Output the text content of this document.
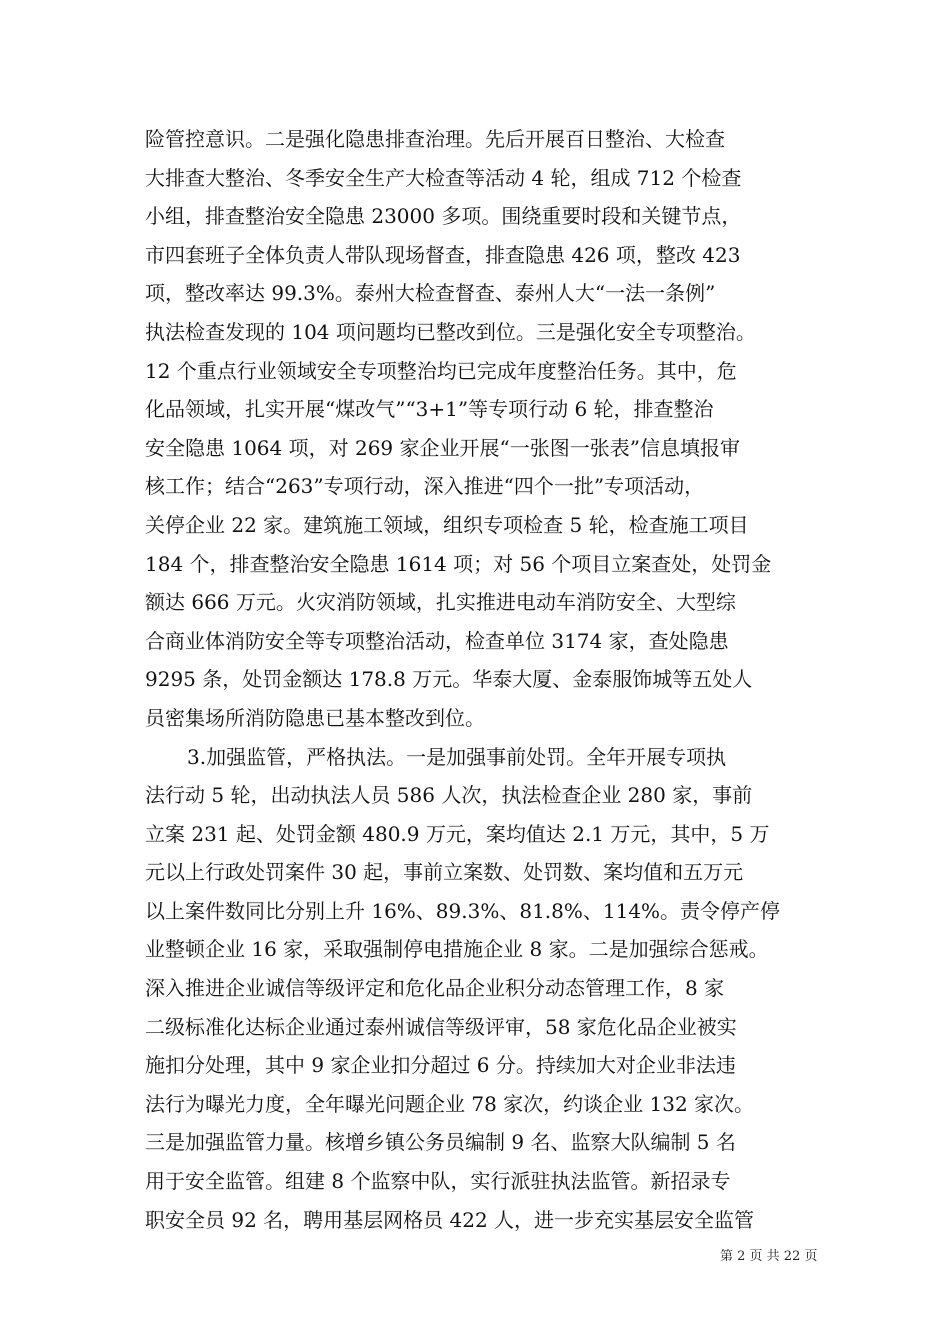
险管控意识。二是强化隐患排查治理。先后开展百日整治、大检查
大排查大整治、冬季安全生产大检查等活动 4 轮，组成 712 个检查
小组，排查整治安全隐患 23000 多项。围绕重要时段和关键节点，
市四套班子全体负责人带队现场督查，排查隐患 426 项，整改 423
项，整改率达 99.3%。泰州大检查督查、泰州人大“一法一条例”
执法检查发现的 104 项问题均已整改到位。三是强化安全专项整治。
12 个重点行业领域安全专项整治均已完成年度整治任务。其中，危
化品领域，扎实开展“煤改气”“3+1”等专项行动 6 轮，排查整治
安全隐患 1064 项，对 269 家企业开展“一张图一张表”信息填报审
核工作；结合“263”专项行动，深入推进“四个一批”专项活动，
关停企业 22 家。建筑施工领域，组织专项检查 5 轮，检查施工项目
184 个，排查整治安全隐患 1614 项；对 56 个项目立案查处，处罚金
额达 666 万元。火灾消防领域，扎实推进电动车消防安全、大型综
合商业体消防安全等专项整治活动，检查单位 3174 家，查处隐患
9295 条，处罚金额达 178.8 万元。华泰大厦、金泰服饰城等五处人
员密集场所消防隐患已基本整改到位。
3.加强监管，严格执法。一是加强事前处罚。全年开展专项执
法行动 5 轮，出动执法人员 586 人次，执法检查企业 280 家，事前
立案 231 起、处罚金额 480.9 万元，案均值达 2.1 万元，其中，5 万
元以上行政处罚案件 30 起，事前立案数、处罚数、案均值和五万元
以上案件数同比分别上升 16%、89.3%、81.8%、114%。责令停产停
业整顿企业 16 家，采取强制停电措施企业 8 家。二是加强综合惩戒。
深入推进企业诚信等级评定和危化品企业积分动态管理工作，8 家
二级标准化达标企业通过泰州诚信等级评审，58 家危化品企业被实
施扣分处理，其中 9 家企业扣分超过 6 分。持续加大对企业非法违
法行为曝光力度，全年曝光问题企业 78 家次，约谈企业 132 家次。
三是加强监管力量。核增乡镇公务员编制 9 名、监察大队编制 5 名
用于安全监管。组建 8 个监察中队，实行派驻执法监管。新招录专
职安全员 92 名，聘用基层网格员 422 人，进一步充实基层安全监管
第 2 页 共 22 页
